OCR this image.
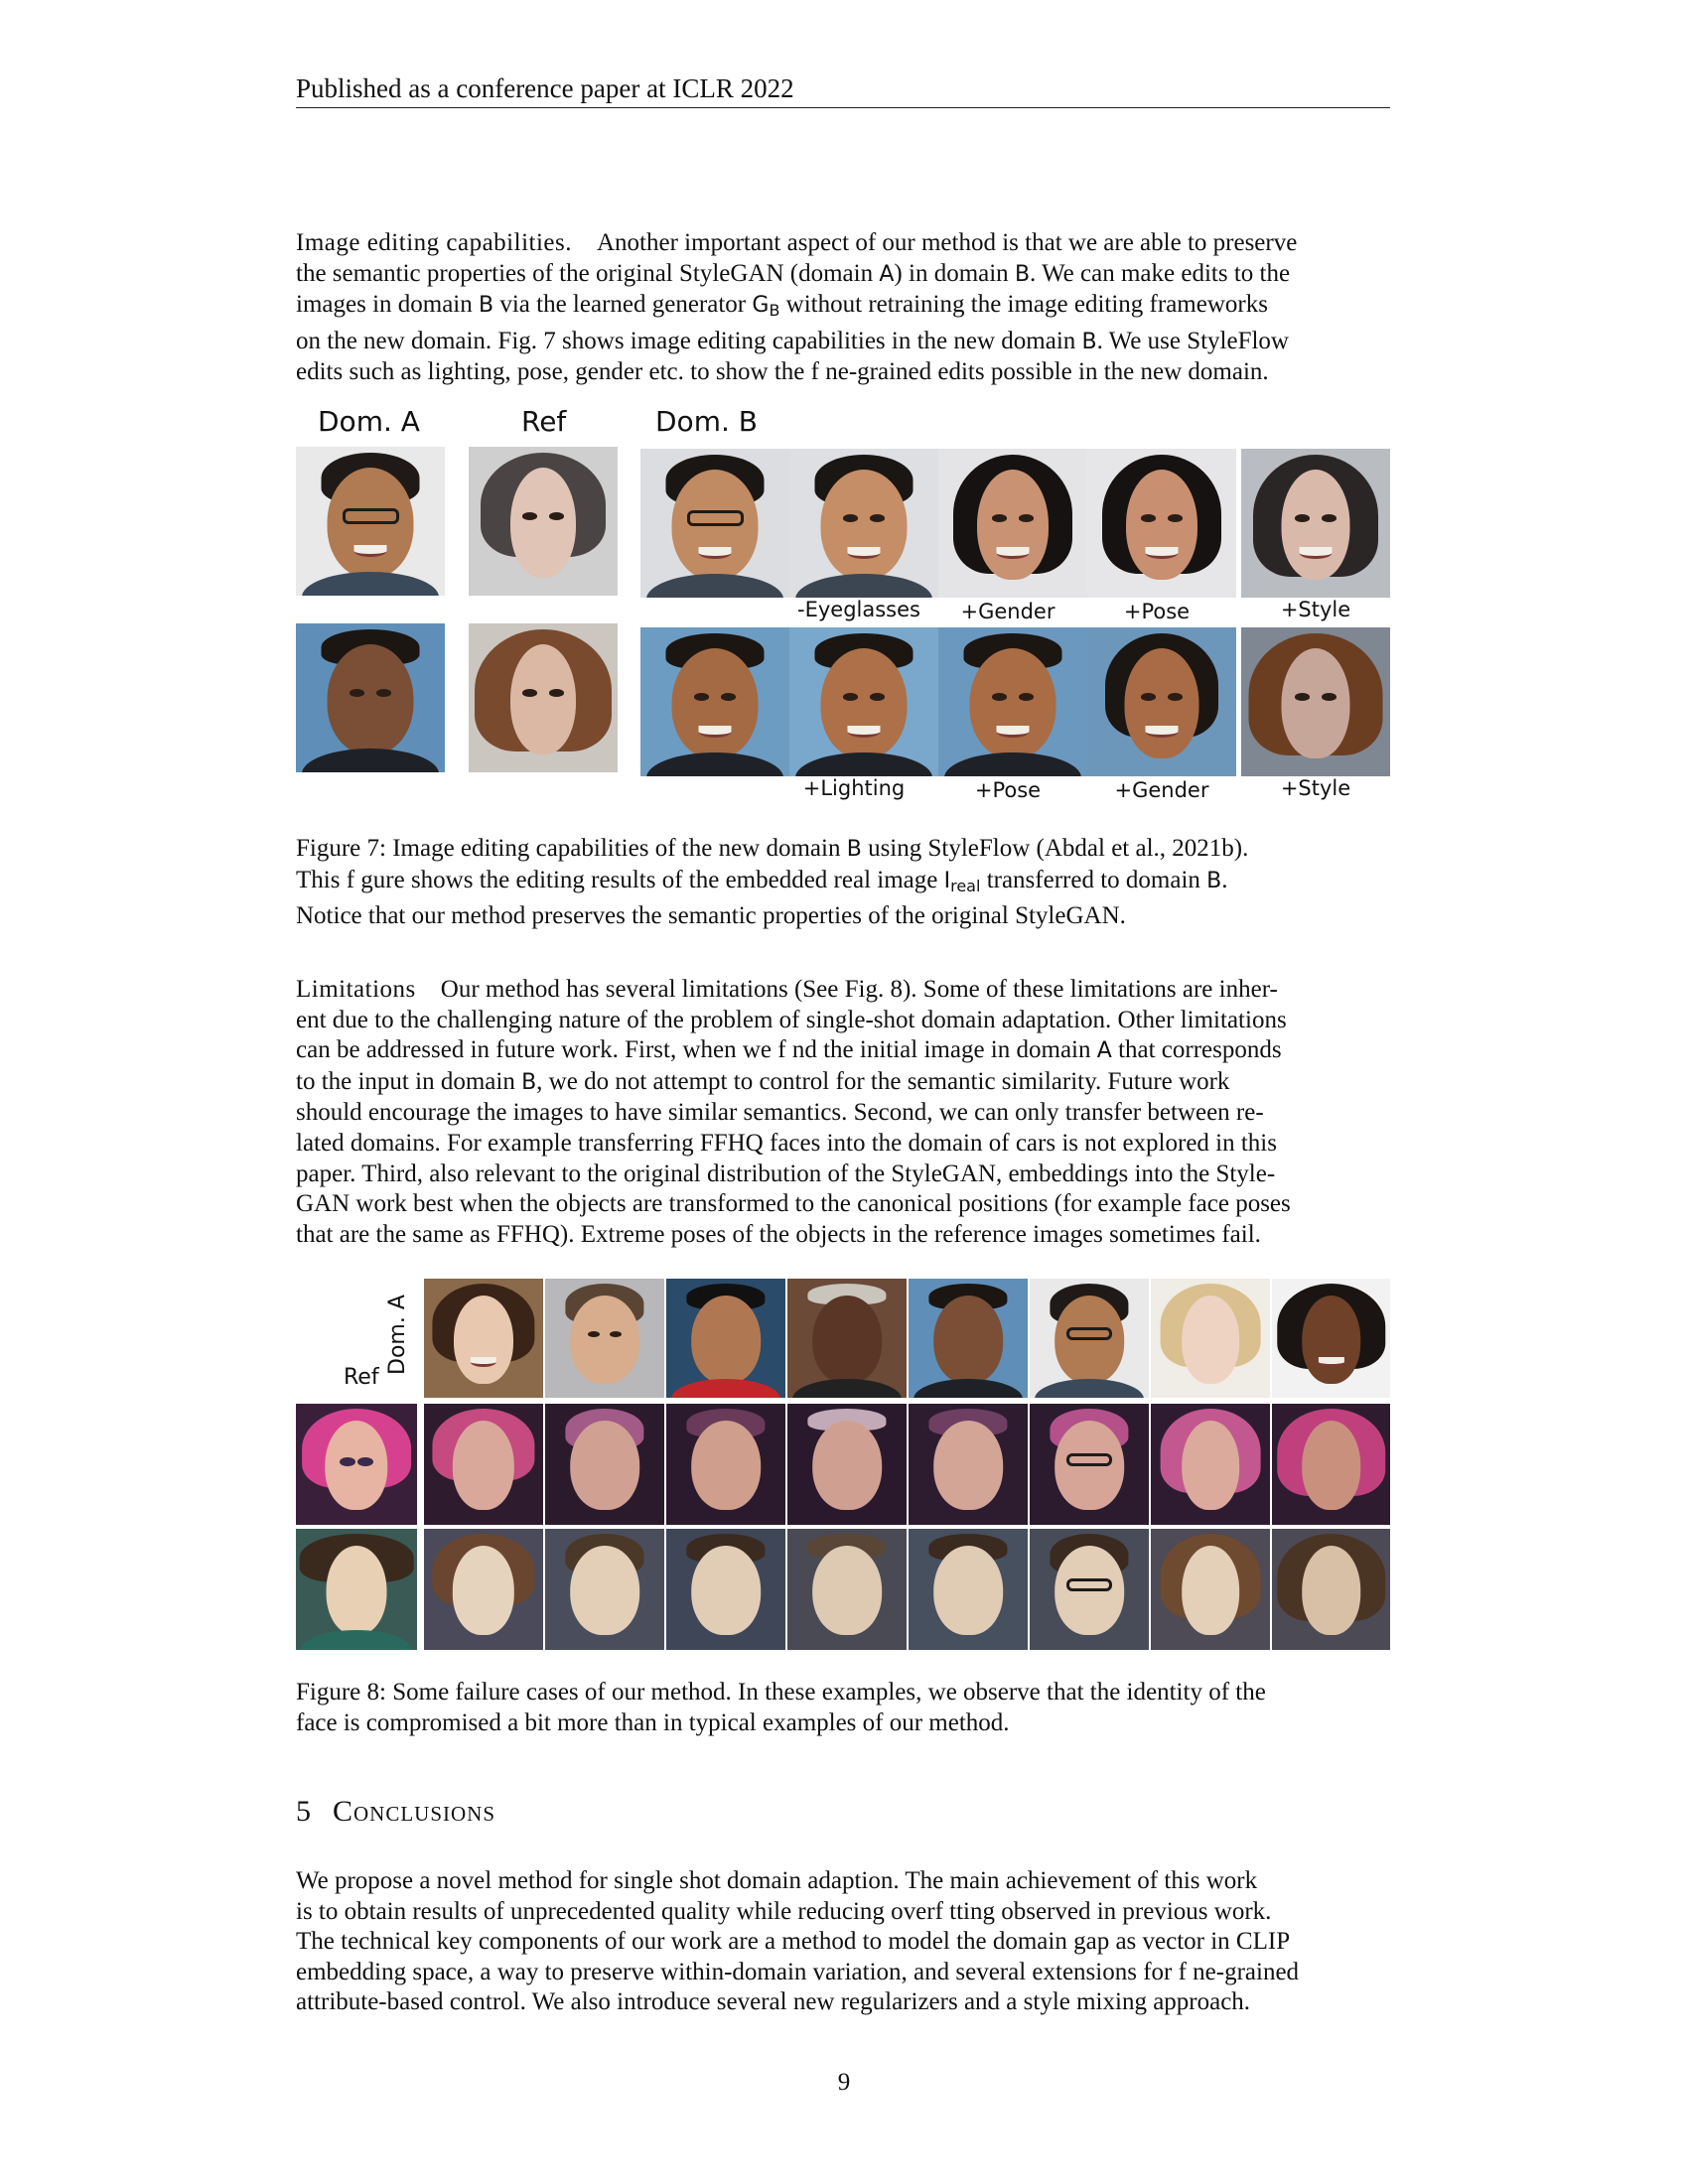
Published as a conference paper at ICLR 2022
Image editing capabilities. Another important aspect of our method is that we are able to preserve
the semantic properties of the original StyleGAN (domain A) in domain B. We can make edits to the
images in domain B via the learned generator $G_B$ without retraining the image editing frameworks
on the new domain. Fig. 7 shows image editing capabilities in the new domain B. We use StyleFlow
edits such as lighting, pose, gender etc. to show the f ne-grained edits possible in the new domain.
Dom. A	Ref	Dom. B
-Eyeglasses	+Gender	+Pose	+Style
+Lighting	+Pose	+Gender	+Style
Figure 7: Image editing capabilities of the new domain B using StyleFlow (Abdal et al., 2021b).
This f gure shows the editing results of the embedded real image $I_{real}$ transferred to domain B.
Notice that our method preserves the semantic properties of the original StyleGAN.
Limitations Our method has several limitations (See Fig. 8). Some of these limitations are inher-
ent due to the challenging nature of the problem of single-shot domain adaptation. Other limitations
can be addressed in future work. First, when we f nd the initial image in domain A that corresponds
to the input in domain B, we do not attempt to control for the semantic similarity. Future work
should encourage the images to have similar semantics. Second, we can only transfer between re-
lated domains. For example transferring FFHQ faces into the domain of cars is not explored in this
paper. Third, also relevant to the original distribution of the StyleGAN, embeddings into the Style-
GAN work best when the objects are transformed to the canonical positions (for example face poses
that are the same as FFHQ). Extreme poses of the objects in the reference images sometimes fail.
Dom. A
Ref
Figure 8: Some failure cases of our method. In these examples, we observe that the identity of the
face is compromised a bit more than in typical examples of our method.
5 Conclusions
We propose a novel method for single shot domain adaption. The main achievement of this work
is to obtain results of unprecedented quality while reducing overf tting observed in previous work.
The technical key components of our work are a method to model the domain gap as vector in CLIP
embedding space, a way to preserve within-domain variation, and several extensions for f ne-grained
attribute-based control. We also introduce several new regularizers and a style mixing approach.
9
